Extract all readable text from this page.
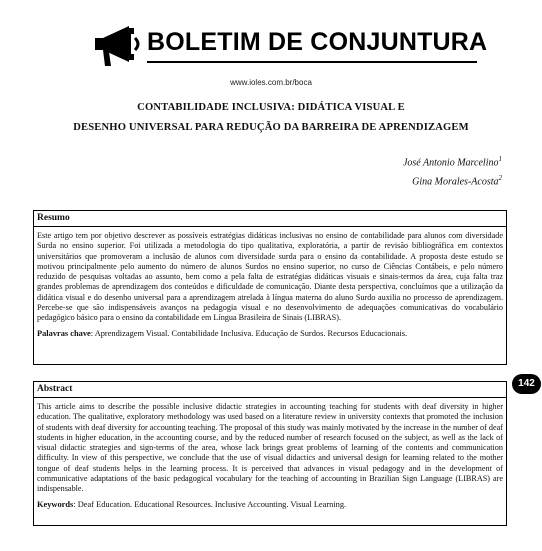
BOLETIM DE CONJUNTURA
www.ioles.com.br/boca
CONTABILIDADE INCLUSIVA: DIDÁTICA VISUAL E
DESENHO UNIVERSAL PARA REDUÇÃO DA BARREIRA DE APRENDIZAGEM
José Antonio Marcelino$^1$
Gina Morales-Acosta$^2$
Resumo
Este artigo tem por objetivo descrever as possíveis estratégias didáticas inclusivas no ensino de contabilidade para alunos com diversidade Surda no ensino superior. Foi utilizada a metodologia do tipo qualitativa, exploratória, a partir de revisão bibliográfica em contextos universitários que promoveram a inclusão de alunos com diversidade surda para o ensino da contabilidade. A proposta deste estudo se motivou principalmente pelo aumento do número de alunos Surdos no ensino superior, no curso de Ciências Contábeis, e pelo número reduzido de pesquisas voltadas ao assunto, bem como a pela falta de estratégias didáticas visuais e sinais-termos da área, cuja falta traz grandes problemas de aprendizagem dos conteúdos e dificuldade de comunicação. Diante desta perspectiva, concluímos que a utilização da didática visual e do desenho universal para a aprendizagem atrelada à língua materna do aluno Surdo auxilia no processo de aprendizagem. Percebe-se que são indispensáveis avanços na pedagogia visual e no desenvolvimento de adequações comunicativas do vocabulário pedagógico básico para o ensino da contabilidade em Língua Brasileira de Sinais (LIBRAS).
Palavras chave: Aprendizagem Visual. Contabilidade Inclusiva. Educação de Surdos. Recursos Educacionais.
Abstract
This article aims to describe the possible inclusive didactic strategies in accounting teaching for students with deaf diversity in higher education. The qualitative, exploratory methodology was used based on a literature review in university contexts that promoted the inclusion of students with deaf diversity for accounting teaching. The proposal of this study was mainly motivated by the increase in the number of deaf students in higher education, in the accounting course, and by the reduced number of research focused on the subject, as well as the lack of visual didactic strategies and sign-terms of the area, whose lack brings great problems of learning of the contents and communication difficulty. In view of this perspective, we conclude that the use of visual didactics and universal design for learning related to the mother tongue of deaf students helps in the learning process. It is perceived that advances in visual pedagogy and in the development of communicative adaptations of the basic pedagogical vocabulary for the teaching of accounting in Brazilian Sign Language (LIBRAS) are indispensable.
Keywords: Deaf Education. Educational Resources. Inclusive Accounting. Visual Learning.
142
